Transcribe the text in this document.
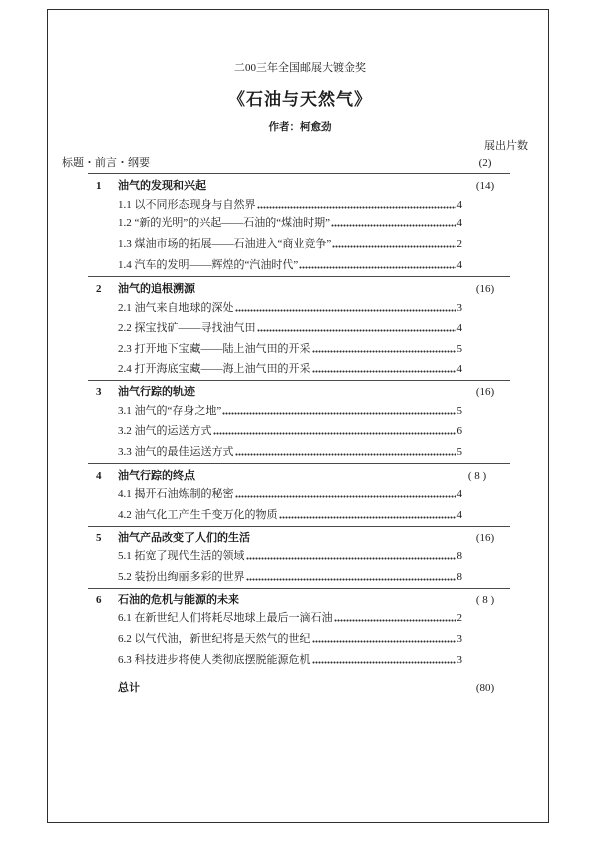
二00三年全国邮展大镀金奖
《石油与天然气》
作者：柯愈劲
展出片数
标题・前言・纲要	(2)
1	油气的发现和兴起	(14)
1.1 以不同形态现身与自然界	4
1.2 “新的光明”的兴起——石油的“煤油时期”	4
1.3 煤油市场的拓展——石油进入“商业竞争”	2
1.4 汽车的发明——辉煌的“汽油时代”	4
2	油气的追根溯源	(16)
2.1 油气来自地球的深处	3
2.2 探宝找矿——寻找油气田	4
2.3 打开地下宝藏——陆上油气田的开采	5
2.4 打开海底宝藏——海上油气田的开采	4
3	油气行踪的轨迹	(16)
3.1 油气的“存身之地”	5
3.2 油气的运送方式	6
3.3 油气的最佳运送方式	5
4	油气行踪的终点	( 8 )
4.1 揭开石油炼制的秘密	4
4.2 油气化工产生千变万化的物质	4
5	油气产品改变了人们的生活	(16)
5.1 拓宽了现代生活的领域	8
5.2 装扮出绚丽多彩的世界	8
6	石油的危机与能源的未来	( 8 )
6.1 在新世纪人们将耗尽地球上最后一滴石油	2
6.2 以气代油，新世纪将是天然气的世纪	3
6.3 科技进步将使人类彻底摆脱能源危机	3
总计	(80)
